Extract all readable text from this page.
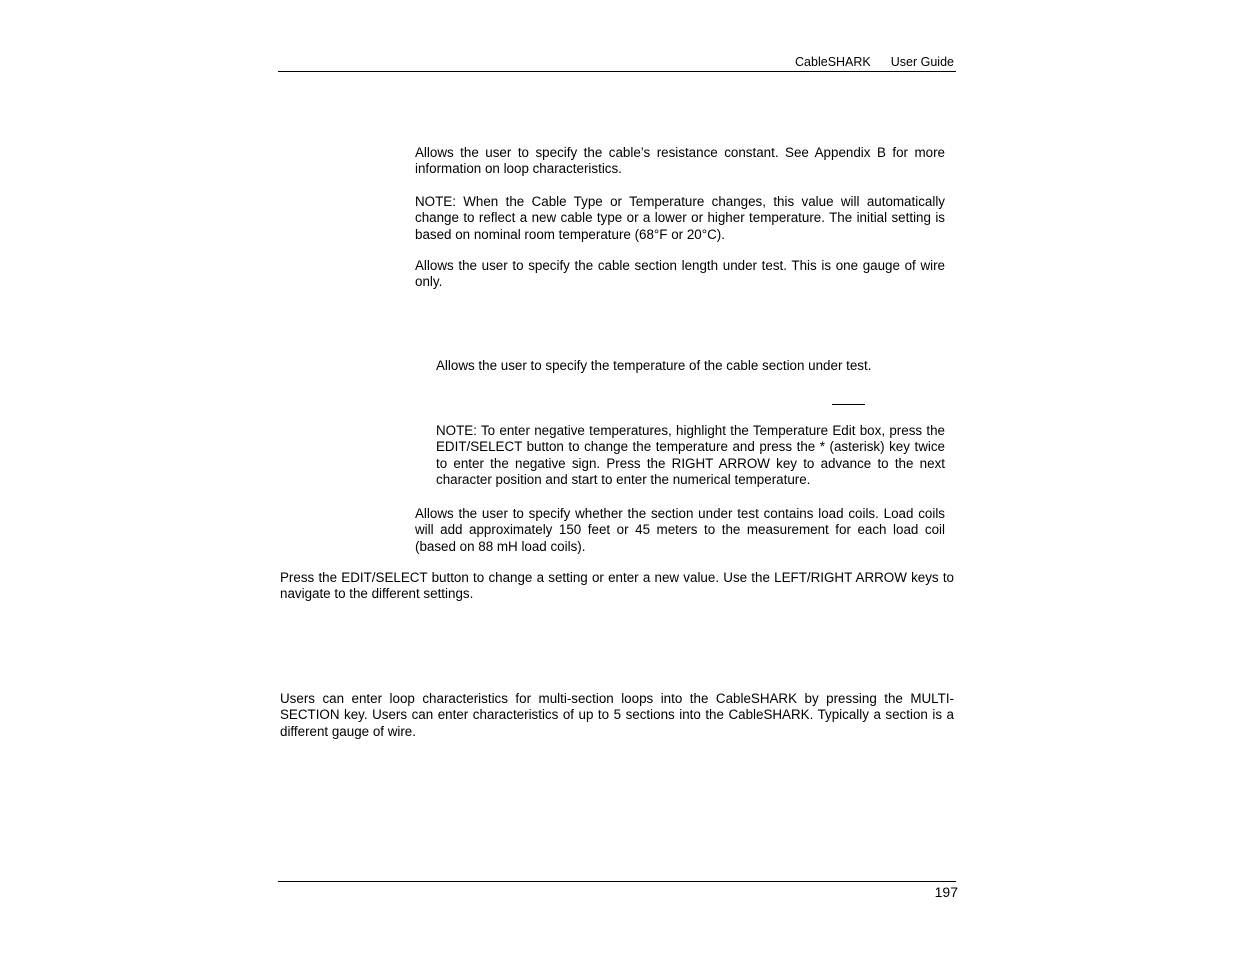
CableSHARK User Guide

Allows the user to specify the cable’s resistance constant. See Appendix B for more information on loop characteristics.

NOTE: When the Cable Type or Temperature changes, this value will automatically change to reflect a new cable type or a lower or higher temperature. The initial setting is based on nominal room temperature (68°F or 20°C).

Allows the user to specify the cable section length under test. This is one gauge of wire only.

Allows the user to specify the temperature of the cable section under test.

NOTE: To enter negative temperatures, highlight the Temperature Edit box, press the EDIT/SELECT button to change the temperature and press the * (asterisk) key twice to enter the negative sign. Press the RIGHT ARROW key to advance to the next character position and start to enter the numerical temperature.

Allows the user to specify whether the section under test contains load coils. Load coils will add approximately 150 feet or 45 meters to the measurement for each load coil (based on 88 mH load coils).

Press the EDIT/SELECT button to change a setting or enter a new value. Use the LEFT/RIGHT ARROW keys to navigate to the different settings.

Users can enter loop characteristics for multi-section loops into the CableSHARK by pressing the MULTI-SECTION key. Users can enter characteristics of up to 5 sections into the CableSHARK. Typically a section is a different gauge of wire.

197
